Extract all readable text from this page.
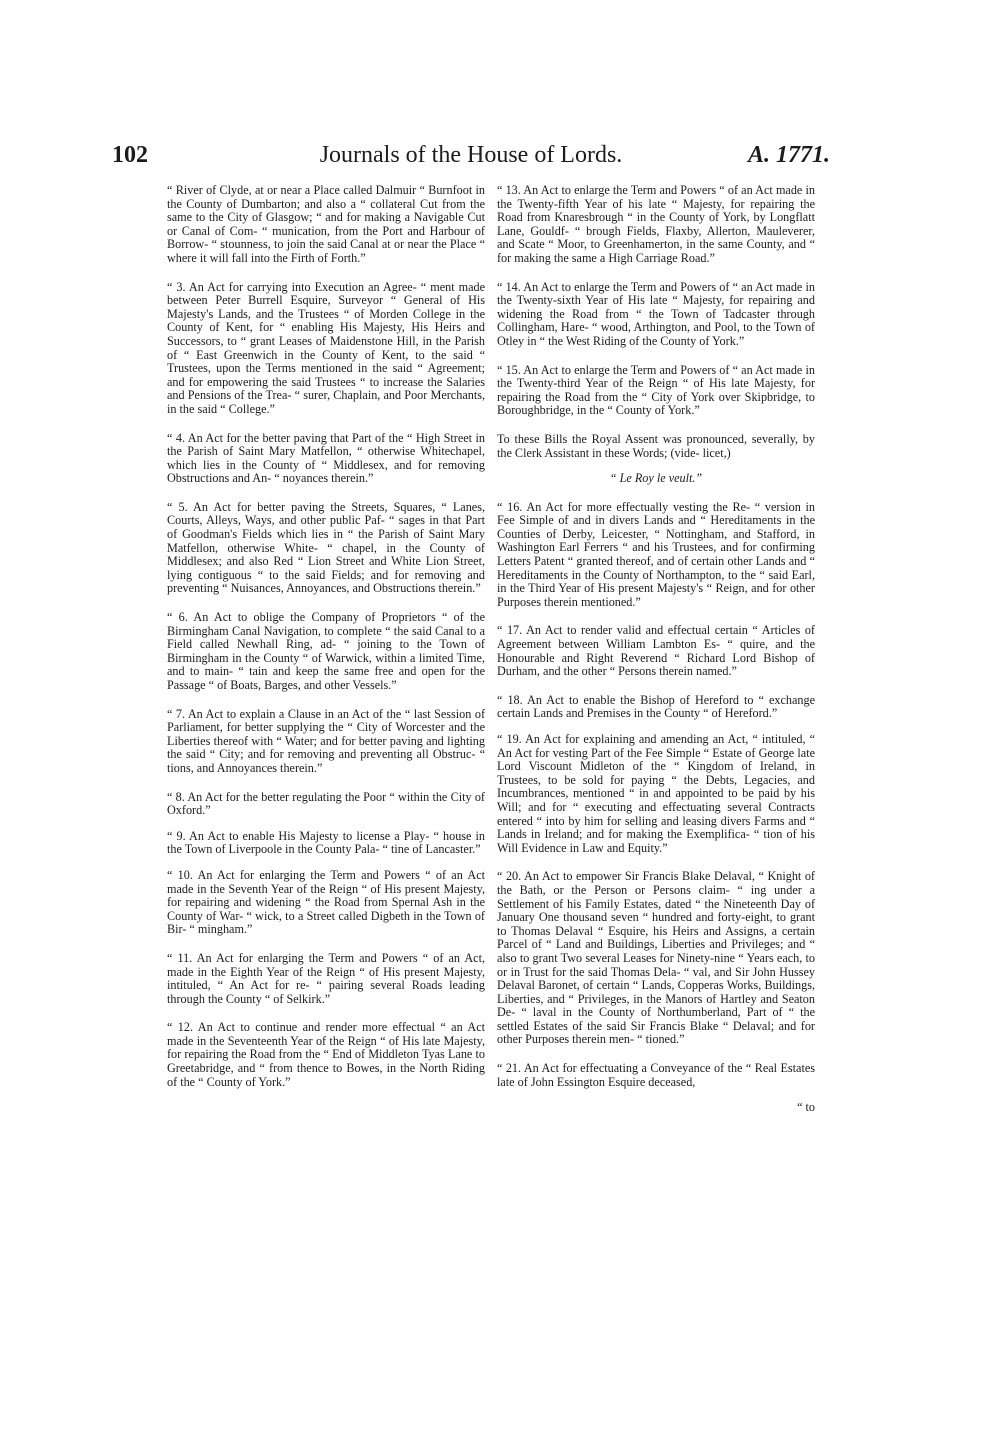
102	Journals of the House of Lords.	A. 1771.

“ River of Clyde, at or near a Place called Dalmuir “ Burnfoot in the County of Dumbarton; and also a “ collateral Cut from the same to the City of Glasgow; “ and for making a Navigable Cut or Canal of Com- “ munication, from the Port and Harbour of Borrow- “ stounness, to join the said Canal at or near the Place “ where it will fall into the Firth of Forth.”

“ 3. An Act for carrying into Execution an Agree- “ ment made between Peter Burrell Esquire, Surveyor “ General of His Majesty's Lands, and the Trustees “ of Morden College in the County of Kent, for “ enabling His Majesty, His Heirs and Successors, to “ grant Leases of Maidenstone Hill, in the Parish of “ East Greenwich in the County of Kent, to the said “ Trustees, upon the Terms mentioned in the said “ Agreement; and for empowering the said Trustees “ to increase the Salaries and Pensions of the Trea- “ surer, Chaplain, and Poor Merchants, in the said “ College.”

“ 4. An Act for the better paving that Part of the “ High Street in the Parish of Saint Mary Matfellon, “ otherwise Whitechapel, which lies in the County of “ Middlesex, and for removing Obstructions and An- “ noyances therein.”

“ 5. An Act for better paving the Streets, Squares, “ Lanes, Courts, Alleys, Ways, and other public Paf- “ sages in that Part of Goodman's Fields which lies in “ the Parish of Saint Mary Matfellon, otherwise White- “ chapel, in the County of Middlesex; and also Red “ Lion Street and White Lion Street, lying contiguous “ to the said Fields; and for removing and preventing “ Nuisances, Annoyances, and Obstructions therein.”

“ 6. An Act to oblige the Company of Proprietors “ of the Birmingham Canal Navigation, to complete “ the said Canal to a Field called Newhall Ring, ad- “ joining to the Town of Birmingham in the County “ of Warwick, within a limited Time, and to main- “ tain and keep the same free and open for the Passage “ of Boats, Barges, and other Vessels.”

“ 7. An Act to explain a Clause in an Act of the “ last Session of Parliament, for better supplying the “ City of Worcester and the Liberties thereof with “ Water; and for better paving and lighting the said “ City; and for removing and preventing all Obstruc- “ tions, and Annoyances therein.”

“ 8. An Act for the better regulating the Poor “ within the City of Oxford.”

“ 9. An Act to enable His Majesty to license a Play- “ house in the Town of Liverpoole in the County Pala- “ tine of Lancaster.”

“ 10. An Act for enlarging the Term and Powers “ of an Act made in the Seventh Year of the Reign “ of His present Majesty, for repairing and widening “ the Road from Spernal Ash in the County of War- “ wick, to a Street called Digbeth in the Town of Bir- “ mingham.”

“ 11. An Act for enlarging the Term and Powers “ of an Act, made in the Eighth Year of the Reign “ of His present Majesty, intituled, “ An Act for re- “ pairing several Roads leading through the County “ of Selkirk.”

“ 12. An Act to continue and render more effectual “ an Act made in the Seventeenth Year of the Reign “ of His late Majesty, for repairing the Road from the “ End of Middleton Tyas Lane to Greetabridge, and “ from thence to Bowes, in the North Riding of the “ County of York.”

“ 13. An Act to enlarge the Term and Powers “ of an Act made in the Twenty-fifth Year of his late “ Majesty, for repairing the Road from Knaresbrough “ in the County of York, by Longflatt Lane, Gouldf- “ brough Fields, Flaxby, Allerton, Mauleverer, and Scate “ Moor, to Greenhamerton, in the same County, and “ for making the same a High Carriage Road.”

“ 14. An Act to enlarge the Term and Powers of “ an Act made in the Twenty-sixth Year of His late “ Majesty, for repairing and widening the Road from “ the Town of Tadcaster through Collingham, Hare- “ wood, Arthington, and Pool, to the Town of Otley in “ the West Riding of the County of York.”

“ 15. An Act to enlarge the Term and Powers of “ an Act made in the Twenty-third Year of the Reign “ of His late Majesty, for repairing the Road from the “ City of York over Skipbridge, to Boroughbridge, in the “ County of York.”

To these Bills the Royal Assent was pronounced, severally, by the Clerk Assistant in these Words; (vide- licet,)

“ Le Roy le veult.”

“ 16. An Act for more effectually vesting the Re- “ version in Fee Simple of and in divers Lands and “ Hereditaments in the Counties of Derby, Leicester, “ Nottingham, and Stafford, in Washington Earl Ferrers “ and his Trustees, and for confirming Letters Patent “ granted thereof, and of certain other Lands and “ Hereditaments in the County of Northampton, to the “ said Earl, in the Third Year of His present Majesty's “ Reign, and for other Purposes therein mentioned.”

“ 17. An Act to render valid and effectual certain “ Articles of Agreement between William Lambton Es- “ quire, and the Honourable and Right Reverend “ Richard Lord Bishop of Durham, and the other “ Persons therein named.”

“ 18. An Act to enable the Bishop of Hereford to “ exchange certain Lands and Premises in the County “ of Hereford.”

“ 19. An Act for explaining and amending an Act, “ intituled, “ An Act for vesting Part of the Fee Simple “ Estate of George late Lord Viscount Midleton of the “ Kingdom of Ireland, in Trustees, to be sold for paying “ the Debts, Legacies, and Incumbrances, mentioned “ in and appointed to be paid by his Will; and for “ executing and effectuating several Contracts entered “ into by him for selling and leasing divers Farms and “ Lands in Ireland; and for making the Exemplifica- “ tion of his Will Evidence in Law and Equity.”

“ 20. An Act to empower Sir Francis Blake Delaval, “ Knight of the Bath, or the Person or Persons claim- “ ing under a Settlement of his Family Estates, dated “ the Nineteenth Day of January One thousand seven “ hundred and forty-eight, to grant to Thomas Delaval “ Esquire, his Heirs and Assigns, a certain Parcel of “ Land and Buildings, Liberties and Privileges; and “ also to grant Two several Leases for Ninety-nine “ Years each, to or in Trust for the said Thomas Dela- “ val, and Sir John Hussey Delaval Baronet, of certain “ Lands, Copperas Works, Buildings, Liberties, and “ Privileges, in the Manors of Hartley and Seaton De- “ laval in the County of Northumberland, Part of “ the settled Estates of the said Sir Francis Blake “ Delaval; and for other Purposes therein men- “ tioned.”

“ 21. An Act for effectuating a Conveyance of the “ Real Estates late of John Essington Esquire deceased,

“ to
